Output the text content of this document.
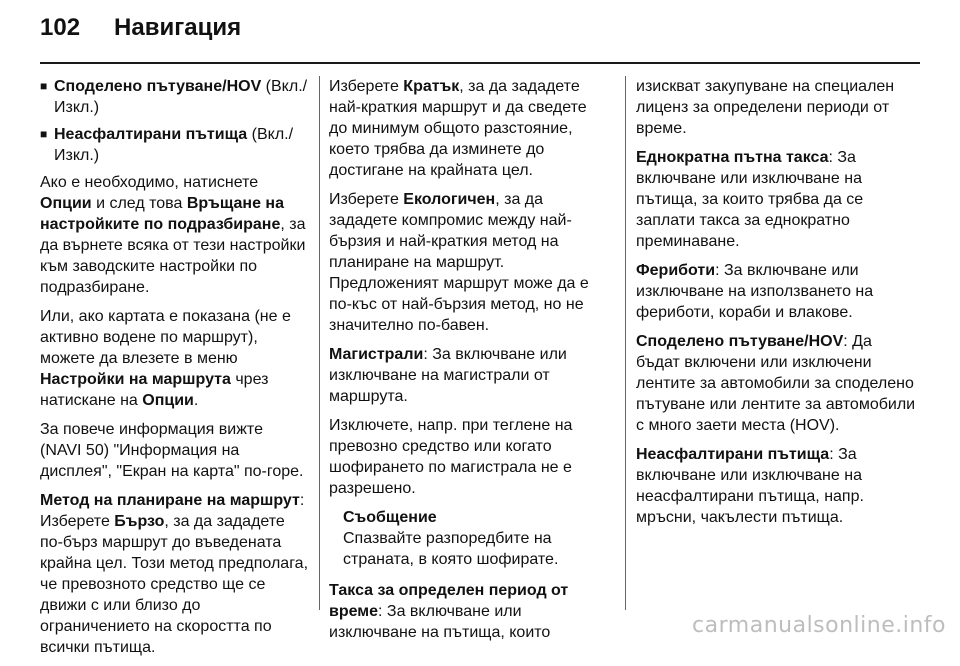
102 Навигация
■ Споделено пътуване/HOV (Вкл./ Изкл.)
■ Неасфалтирани пътища (Вкл./ Изкл.)

Ако е необходимо, натиснете Опции и след това Връщане на настройките по подразбиране, за да върнете всяка от тези настройки към заводските настройки по подразбиране.

Или, ако картата е показана (не е активно водене по маршрут), можете да влезете в меню Настройки на маршрута чрез натискане на Опции.

За повече информация вижте (NAVI 50) "Информация на дисплея", "Екран на карта" по-горе.

Метод на планиране на маршрут:
Изберете Бързо, за да зададете по-бърз маршрут до въведената крайна цел. Този метод предполага, че превозното средство ще се движи с или близо до ограничението на скоростта по всички пътища.

Изберете Кратък, за да зададете най-краткия маршрут и да сведете до минимум общото разстояние, което трябва да изминете до достигане на крайната цел.

Изберете Екологичен, за да зададете компромис между най-бързия и най-краткия метод на планиране на маршрут. Предложеният маршрут може да е по-къс от най-бързия метод, но не значително по-бавен.

Магистрали: За включване или изключване на магистрали от маршрута.

Изключете, напр. при теглене на превозно средство или когато шофирането по магистрала не е разрешено.

Съобщение
Спазвайте разпоредбите на страната, в която шофирате.

Такса за определен период от време: За включване или изключване на пътища, които

изискват закупуване на специален лиценз за определени периоди от време.

Еднократна пътна такса: За включване или изключване на пътища, за които трябва да се заплати такса за еднократно преминаване.

Фериботи: За включване или изключване на използването на фериботи, кораби и влакове.

Споделено пътуване/HOV: Да бъдат включени или изключени лентите за автомобили за споделено пътуване или лентите за автомобили с много заети места (HOV).

Неасфалтирани пътища: За включване или изключване на неасфалтирани пътища, напр. мръсни, чакълести пътища.

carmanualsonline.info
